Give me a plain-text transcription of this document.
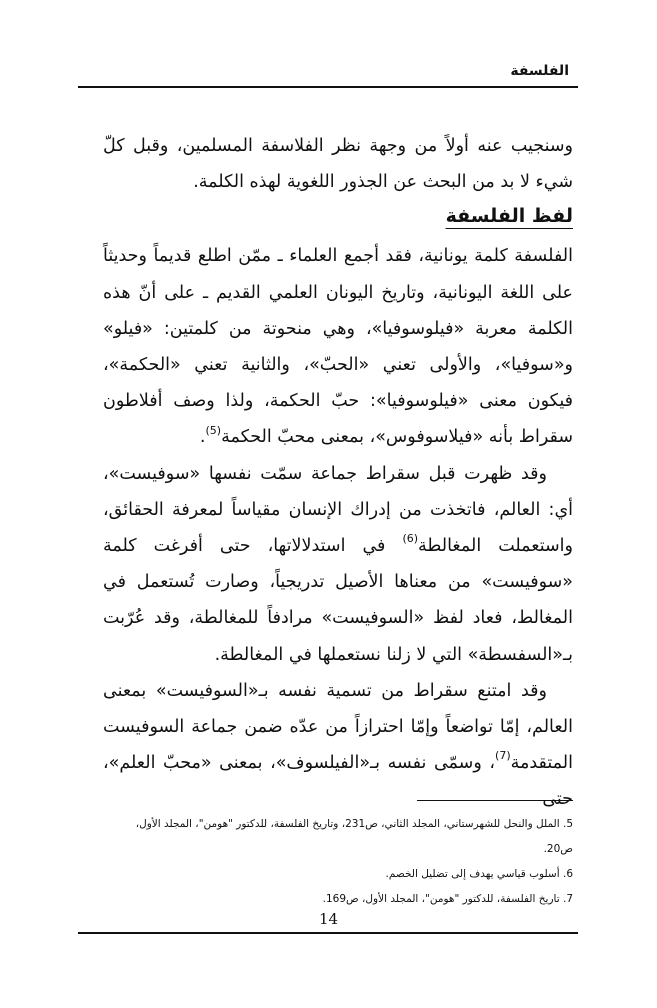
الفلسفة

وسنجيب عنه أولاً من وجهة نظر الفلاسفة المسلمين، وقبل كلّ شيء لا بد من البحث عن الجذور اللغوية لهذه الكلمة.

لفظ الفلسفة

الفلسفة كلمة يونانية، فقد أجمع العلماء ـ ممّن اطلع قديماً وحديثاً على اللغة اليونانية، وتاريخ اليونان العلمي القديم ـ على أنّ هذه الكلمة معربة «فيلوسوفيا»، وهي منحوتة من كلمتين: «فيلو» و«سوفيا»، والأولى تعني «الحبّ»، والثانية تعني «الحكمة»، فيكون معنى «فيلوسوفيا»: حبّ الحكمة، ولذا وصف أفلاطون سقراط بأنه «فيلاسوفوس»، بمعنى محبّ الحكمة$^{(5)}$.

وقد ظهرت قبل سقراط جماعة سمّت نفسها «سوفيست»، أي: العالم، فاتخذت من إدراك الإنسان مقياساً لمعرفة الحقائق، واستعملت المغالطة$^{(6)}$ في استدلالاتها، حتى أفرغت كلمة «سوفيست» من معناها الأصيل تدريجياً، وصارت تُستعمل في المغالط، فعاد لفظ «السوفيست» مرادفاً للمغالطة، وقد عُرّبت بـ«السفسطة» التي لا زلنا نستعملها في المغالطة.

وقد امتنع سقراط من تسمية نفسه بـ«السوفيست» بمعنى العالم، إمّا تواضعاً وإمّا احترازاً من عدّه ضمن جماعة السوفيست المتقدمة$^{(7)}$، وسمّى نفسه بـ«الفيلسوف»، بمعنى «محبّ العلم»، حتى

5. الملل والنحل للشهرستاني، المجلد الثاني، ص231، وتاريخ الفلسفة، للدكتور "هومن"، المجلد الأول، ص20.

6. أسلوب قياسي يهدف إلى تضليل الخصم.

7. تاريخ الفلسفة، للدكتور "هومن"، المجلد الأول، ص169.

14
